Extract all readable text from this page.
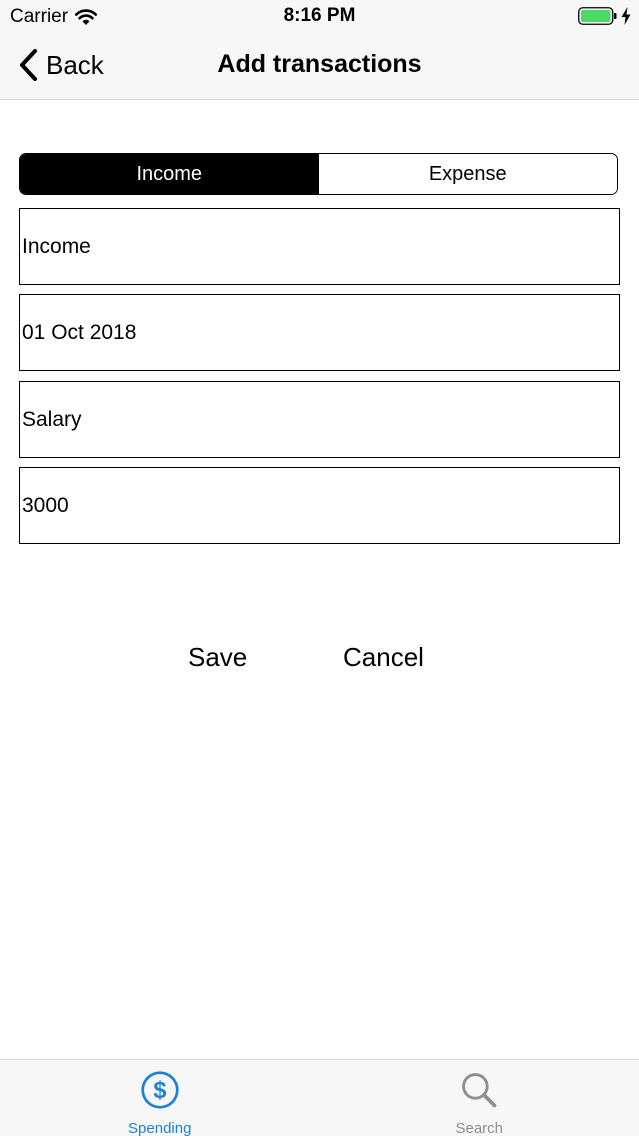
Carrier	8:16 PM
Back	Add transactions
Income	Expense
Income
01 Oct 2018
Salary
3000
Save	Cancel
$
Spending	Search
